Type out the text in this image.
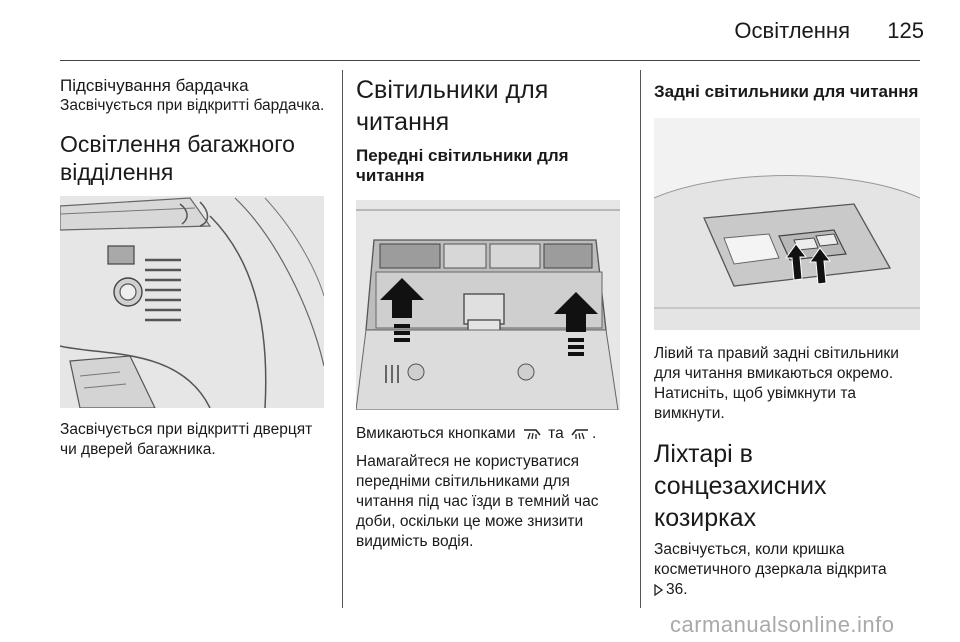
Освітлення	125
Підсвічування бардачка

Засвічується при відкритті бардачка.

Освітлення багажного відділення

Засвічується при відкритті дверцят чи дверей багажника.

Світильники для читання
Передні світильники для читання

Вмикаються кнопками та .

Намагайтеся не користуватися передніми світильниками для читання під час їзди в темний час доби, оскільки це може знизити видимість водія.

Задні світильники для читання

Лівий та правий задні світильники для читання вмикаються окремо. Натисніть, щоб увімкнути та вимкнути.

Ліхтарі в сонцезахисних козирках

Засвічується, коли кришка косметичного дзеркала відкрита
36.

carmanualsonline.info
